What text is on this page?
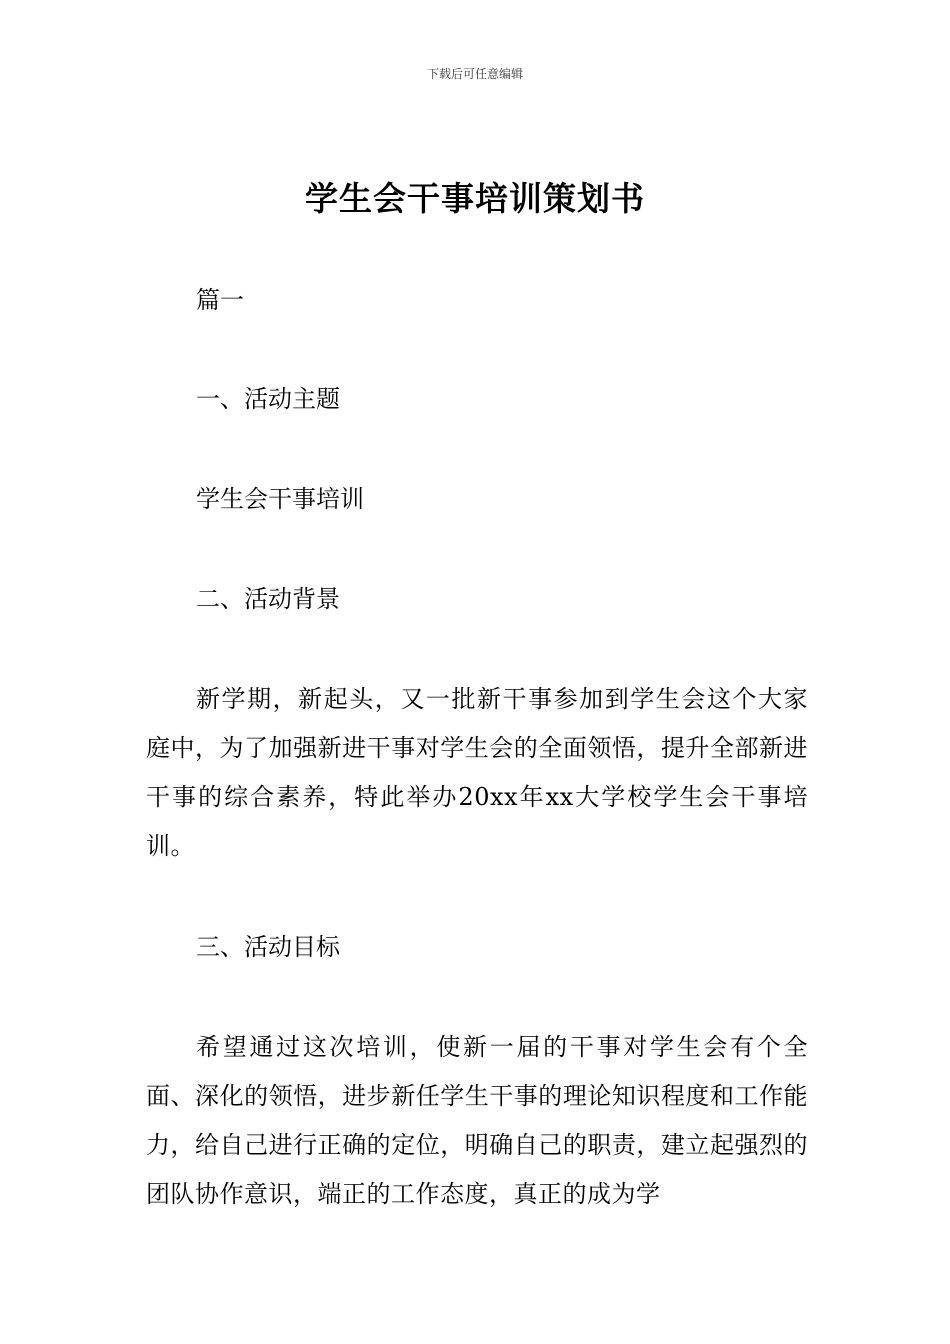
下载后可任意编辑
学生会干事培训策划书

篇一

一、活动主题

学生会干事培训

二、活动背景

新学期，新起头，又一批新干事参加到学生会这个大家庭中，为了加强新进干事对学生会的全面领悟，提升全部新进干事的综合素养，特此举办20xx年xx大学校学生会干事培训。

三、活动目标

希望通过这次培训，使新一届的干事对学生会有个全面、深化的领悟，进步新任学生干事的理论知识程度和工作能力，给自己进行正确的定位，明确自己的职责，建立起强烈的团队协作意识，端正的工作态度，真正的成为学
